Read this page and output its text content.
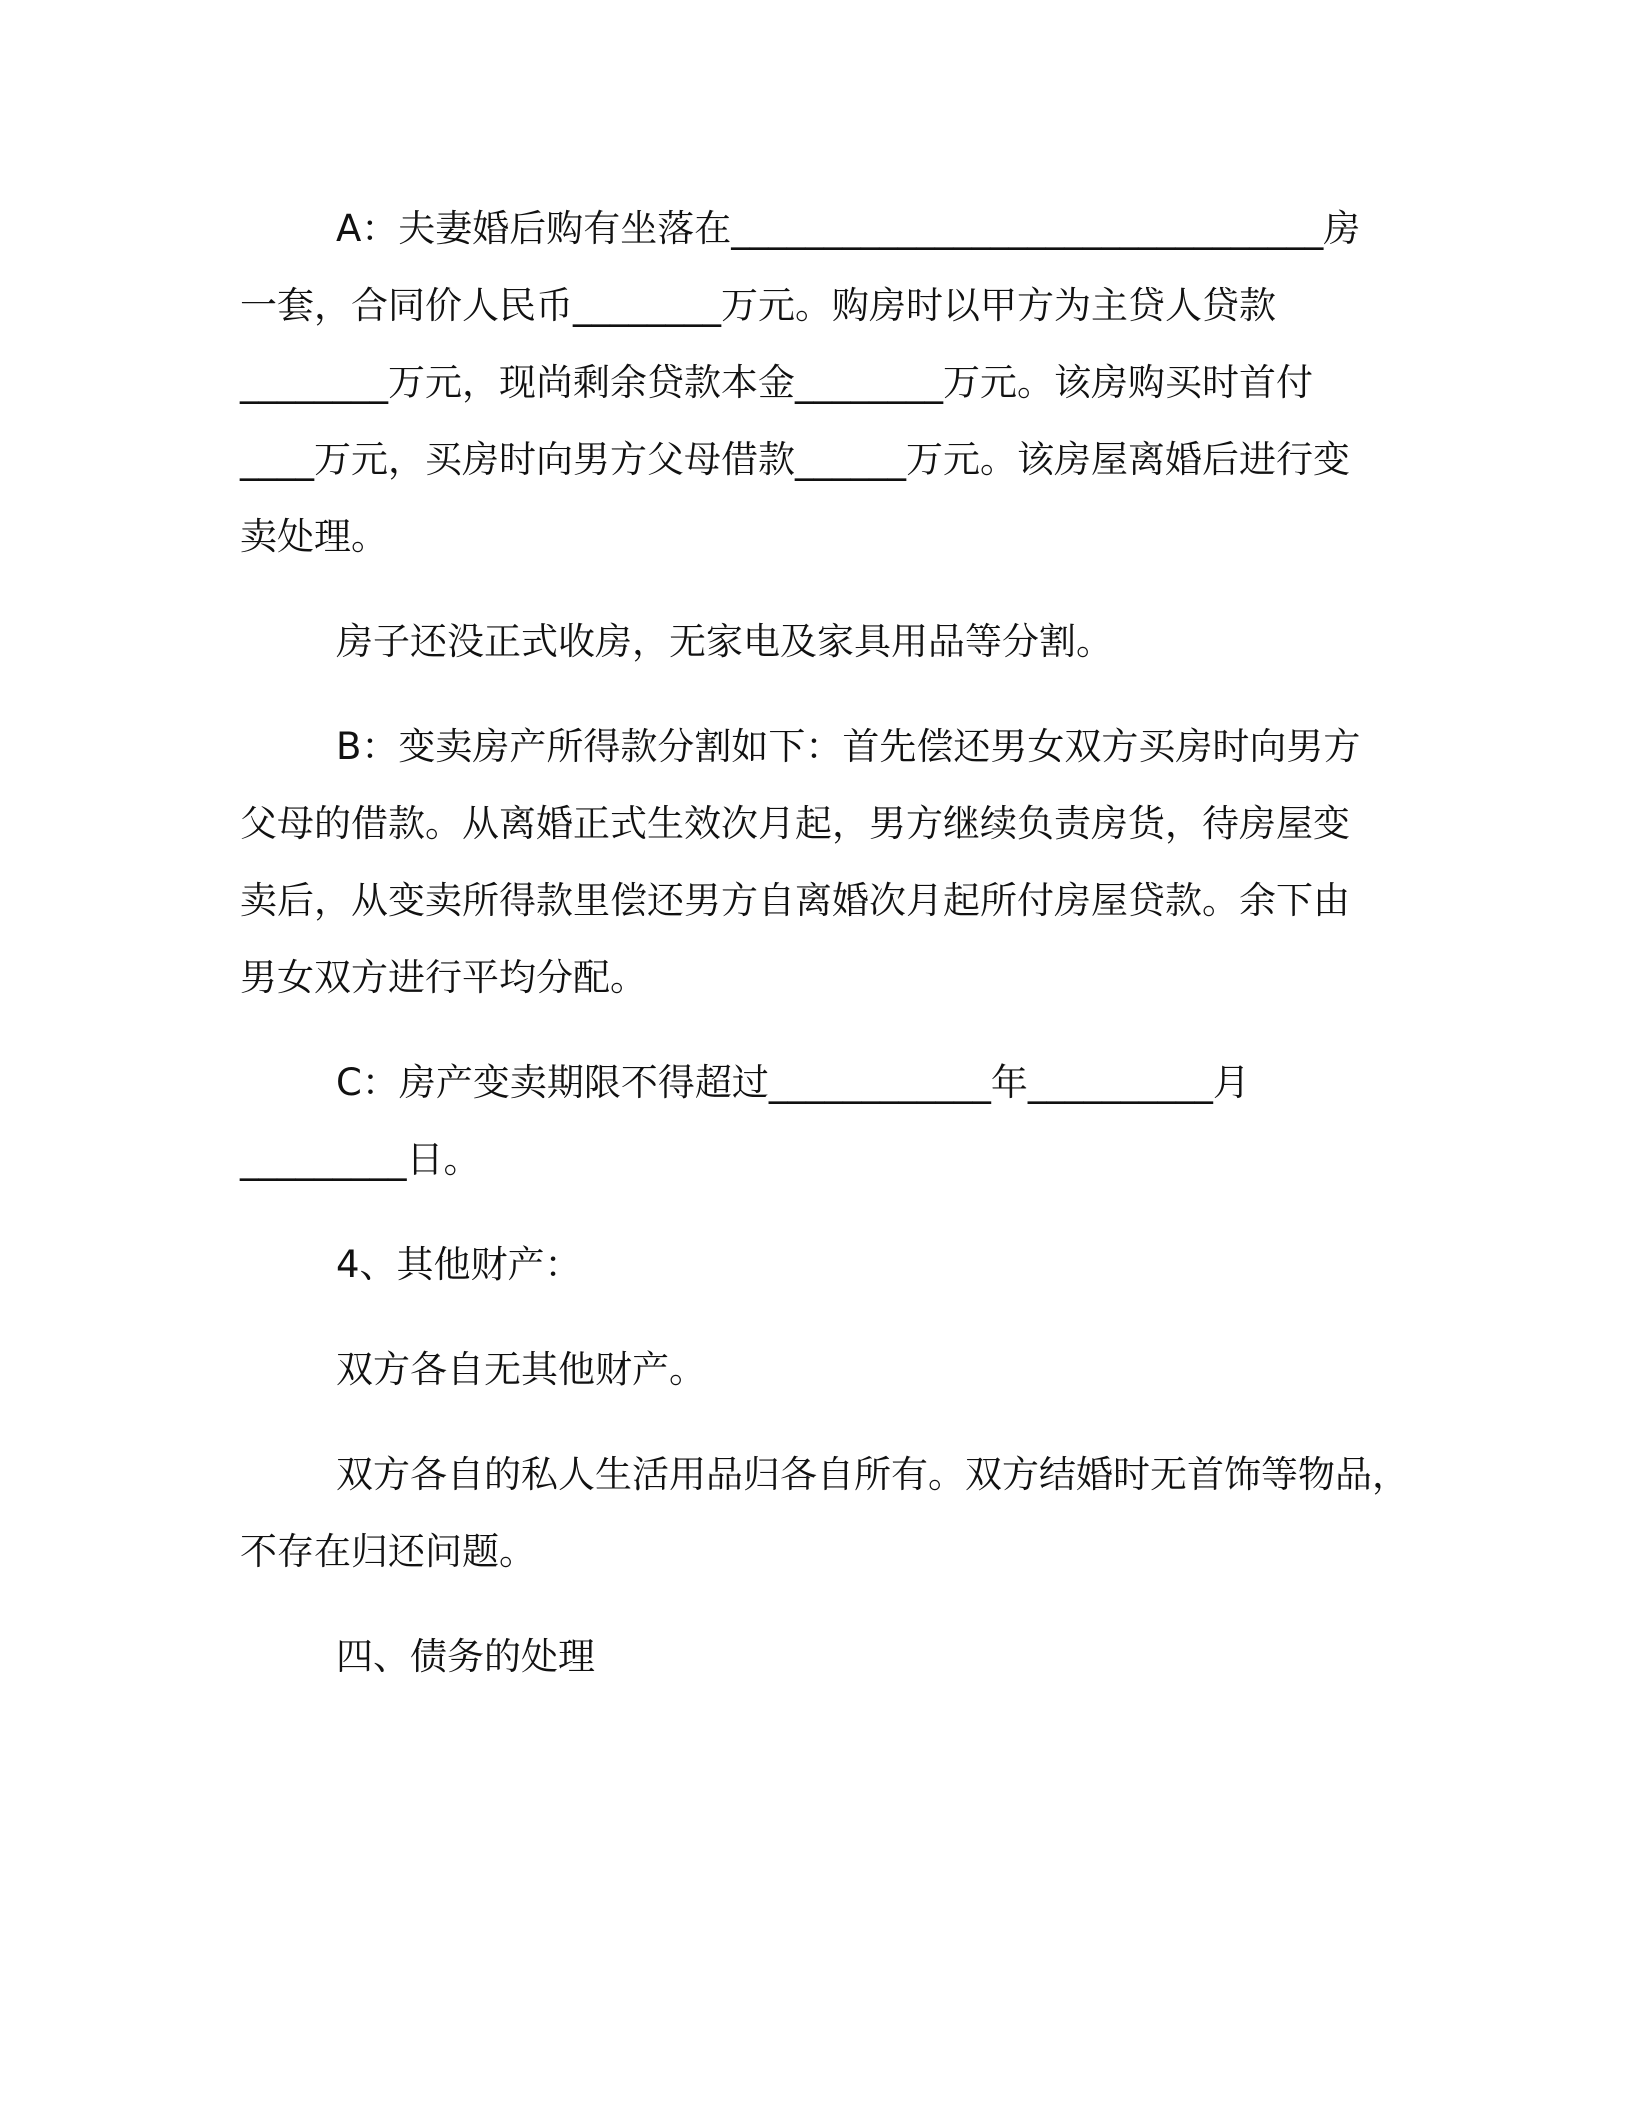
A：夫妻婚后购有坐落在________________________________房
一套，合同价人民币________万元。购房时以甲方为主贷人贷款
________万元，现尚剩余贷款本金________万元。该房购买时首付
____万元，买房时向男方父母借款______万元。该房屋离婚后进行变
卖处理。
房子还没正式收房，无家电及家具用品等分割。
B：变卖房产所得款分割如下：首先偿还男女双方买房时向男方
父母的借款。从离婚正式生效次月起，男方继续负责房货，待房屋变
卖后，从变卖所得款里偿还男方自离婚次月起所付房屋贷款。余下由
男女双方进行平均分配。
C：房产变卖期限不得超过____________年__________月
_________日。
4、其他财产：
双方各自无其他财产。
双方各自的私人生活用品归各自所有。双方结婚时无首饰等物品，
不存在归还问题。
四、债务的处理
